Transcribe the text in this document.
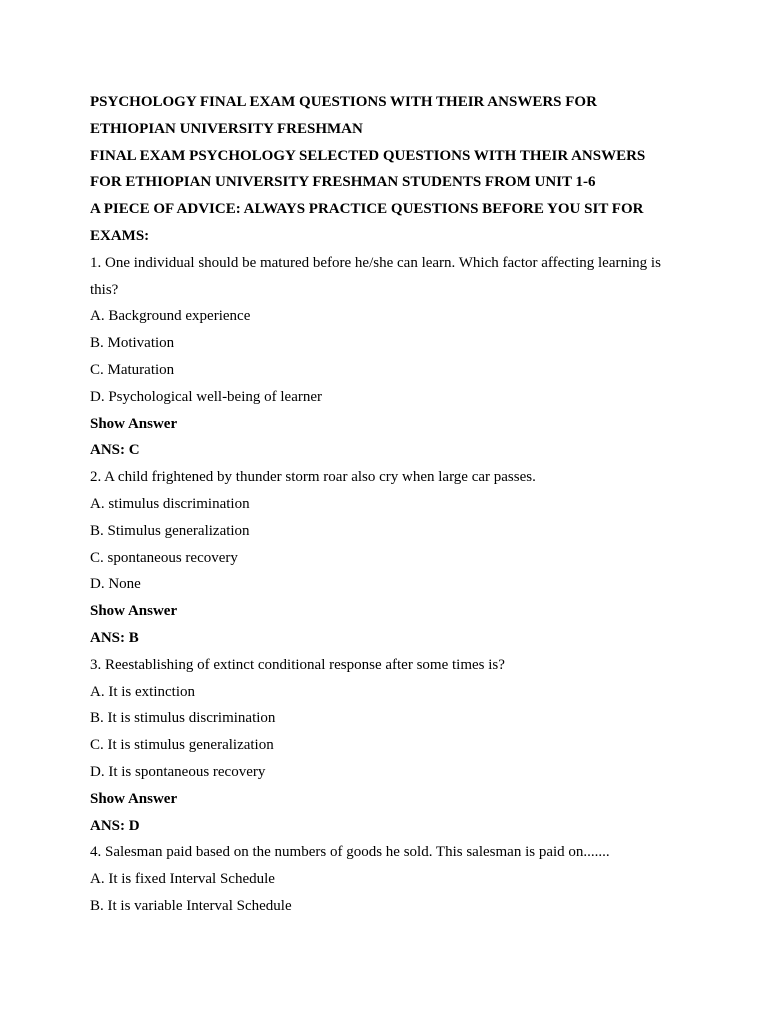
PSYCHOLOGY FINAL EXAM QUESTIONS WITH THEIR ANSWERS FOR

ETHIOPIAN UNIVERSITY FRESHMAN

FINAL EXAM PSYCHOLOGY SELECTED QUESTIONS WITH THEIR ANSWERS

FOR ETHIOPIAN UNIVERSITY FRESHMAN STUDENTS FROM UNIT 1-6

A PIECE OF ADVICE: ALWAYS PRACTICE QUESTIONS BEFORE YOU SIT FOR

EXAMS:

1. One individual should be matured before he/she can learn. Which factor affecting learning is

this?

A. Background experience

B. Motivation

C. Maturation

D. Psychological well-being of learner

Show Answer

ANS: C

2. A child frightened by thunder storm roar also cry when large car passes.

A. stimulus discrimination

B. Stimulus generalization

C. spontaneous recovery

D. None

Show Answer

ANS: B

3. Reestablishing of extinct conditional response after some times is?

A. It is extinction

B. It is stimulus discrimination

C. It is stimulus generalization

D. It is spontaneous recovery

Show Answer

ANS: D

4. Salesman paid based on the numbers of goods he sold. This salesman is paid on.......

A. It is fixed Interval Schedule

B. It is variable Interval Schedule
